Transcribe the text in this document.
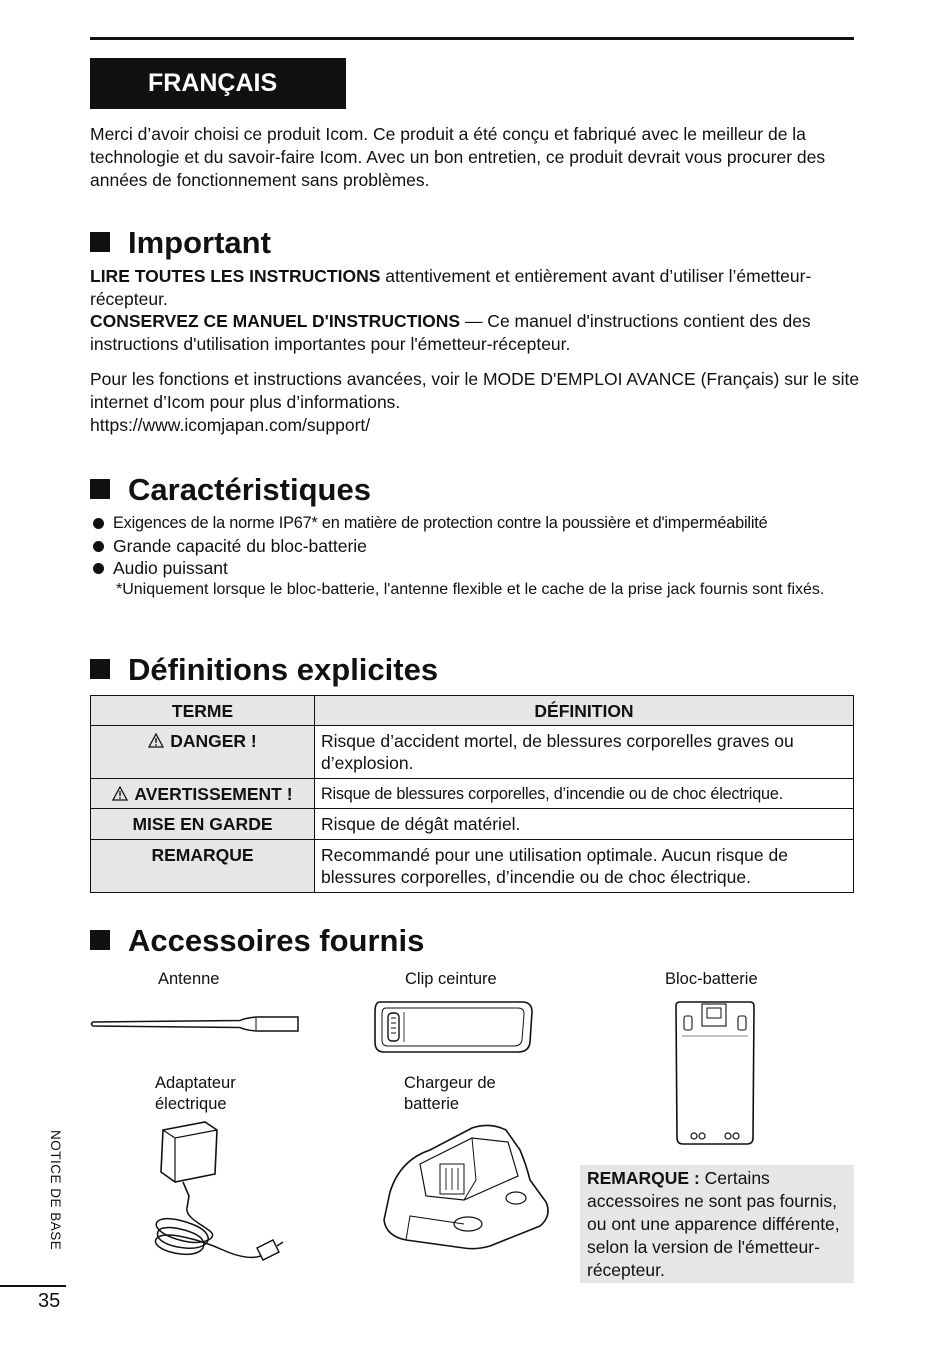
FRANÇAIS
Merci d’avoir choisi ce produit Icom. Ce produit a été conçu et fabriqué avec le meilleur de la technologie et du savoir-faire Icom. Avec un bon entretien, ce produit devrait vous procurer des années de fonctionnement sans problèmes.
Important
LIRE TOUTES LES INSTRUCTIONS attentivement et entièrement avant d’utiliser l’émetteur-récepteur.
CONSERVEZ CE MANUEL D'INSTRUCTIONS — Ce manuel d'instructions contient des des instructions d'utilisation importantes pour l'émetteur-récepteur.
Pour les fonctions et instructions avancées, voir le MODE D'EMPLOI AVANCE (Français) sur le site internet d’Icom pour plus d’informations.
https://www.icomjapan.com/support/
Caractéristiques
Exigences de la norme IP67* en matière de protection contre la poussière et d'imperméabilité
Grande capacité du bloc-batterie
Audio puissant
*Uniquement lorsque le bloc-batterie, l'antenne flexible et le cache de la prise jack fournis sont fixés.
Définitions explicites
TERME	DÉFINITION
DANGER !	Risque d’accident mortel, de blessures corporelles graves ou d’explosion.
AVERTISSEMENT !	Risque de blessures corporelles, d’incendie ou de choc électrique.
MISE EN GARDE	Risque de dégât matériel.
REMARQUE	Recommandé pour une utilisation optimale. Aucun risque de blessures corporelles, d’incendie ou de choc électrique.
Accessoires fournis
Antenne	Clip ceinture	Bloc-batterie
Adaptateur
électrique
Chargeur de
batterie
REMARQUE : Certains accessoires ne sont pas fournis, ou ont une apparence différente, selon la version de l'émetteur-récepteur.
NOTICE DE BASE
35
